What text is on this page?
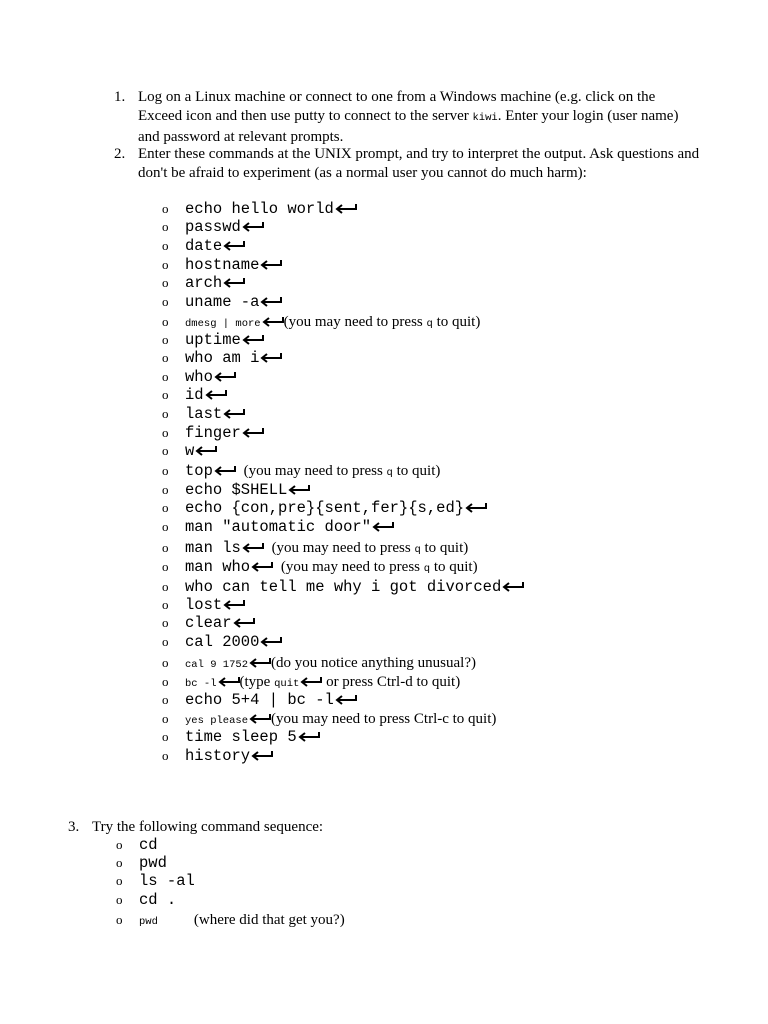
1. Log on a Linux machine or connect to one from a Windows machine (e.g. click on the Exceed icon and then use putty to connect to the server kiwi. Enter your login (user name) and password at relevant prompts.
2. Enter these commands at the UNIX prompt, and try to interpret the output. Ask questions and don't be afraid to experiment (as a normal user you cannot do much harm):
o echo hello world
o passwd
o date
o hostname
o arch
o uname -a
o dmesg | more (you may need to press q to quit)
o uptime
o who am i
o who
o id
o last
o finger
o w
o top (you may need to press q to quit)
o echo $SHELL
o echo {con,pre}{sent,fer}{s,ed}
o man "automatic door"
o man ls (you may need to press q to quit)
o man who (you may need to press q to quit)
o who can tell me why i got divorced
o lost
o clear
o cal 2000
o cal 9 1752 (do you notice anything unusual?)
o bc -l (type quit or press Ctrl-d to quit)
o echo 5+4 | bc -l
o yes please (you may need to press Ctrl-c to quit)
o time sleep 5
o history
3. Try the following command sequence:
o cd
o pwd
o ls -al
o cd .
o pwd (where did that get you?)
